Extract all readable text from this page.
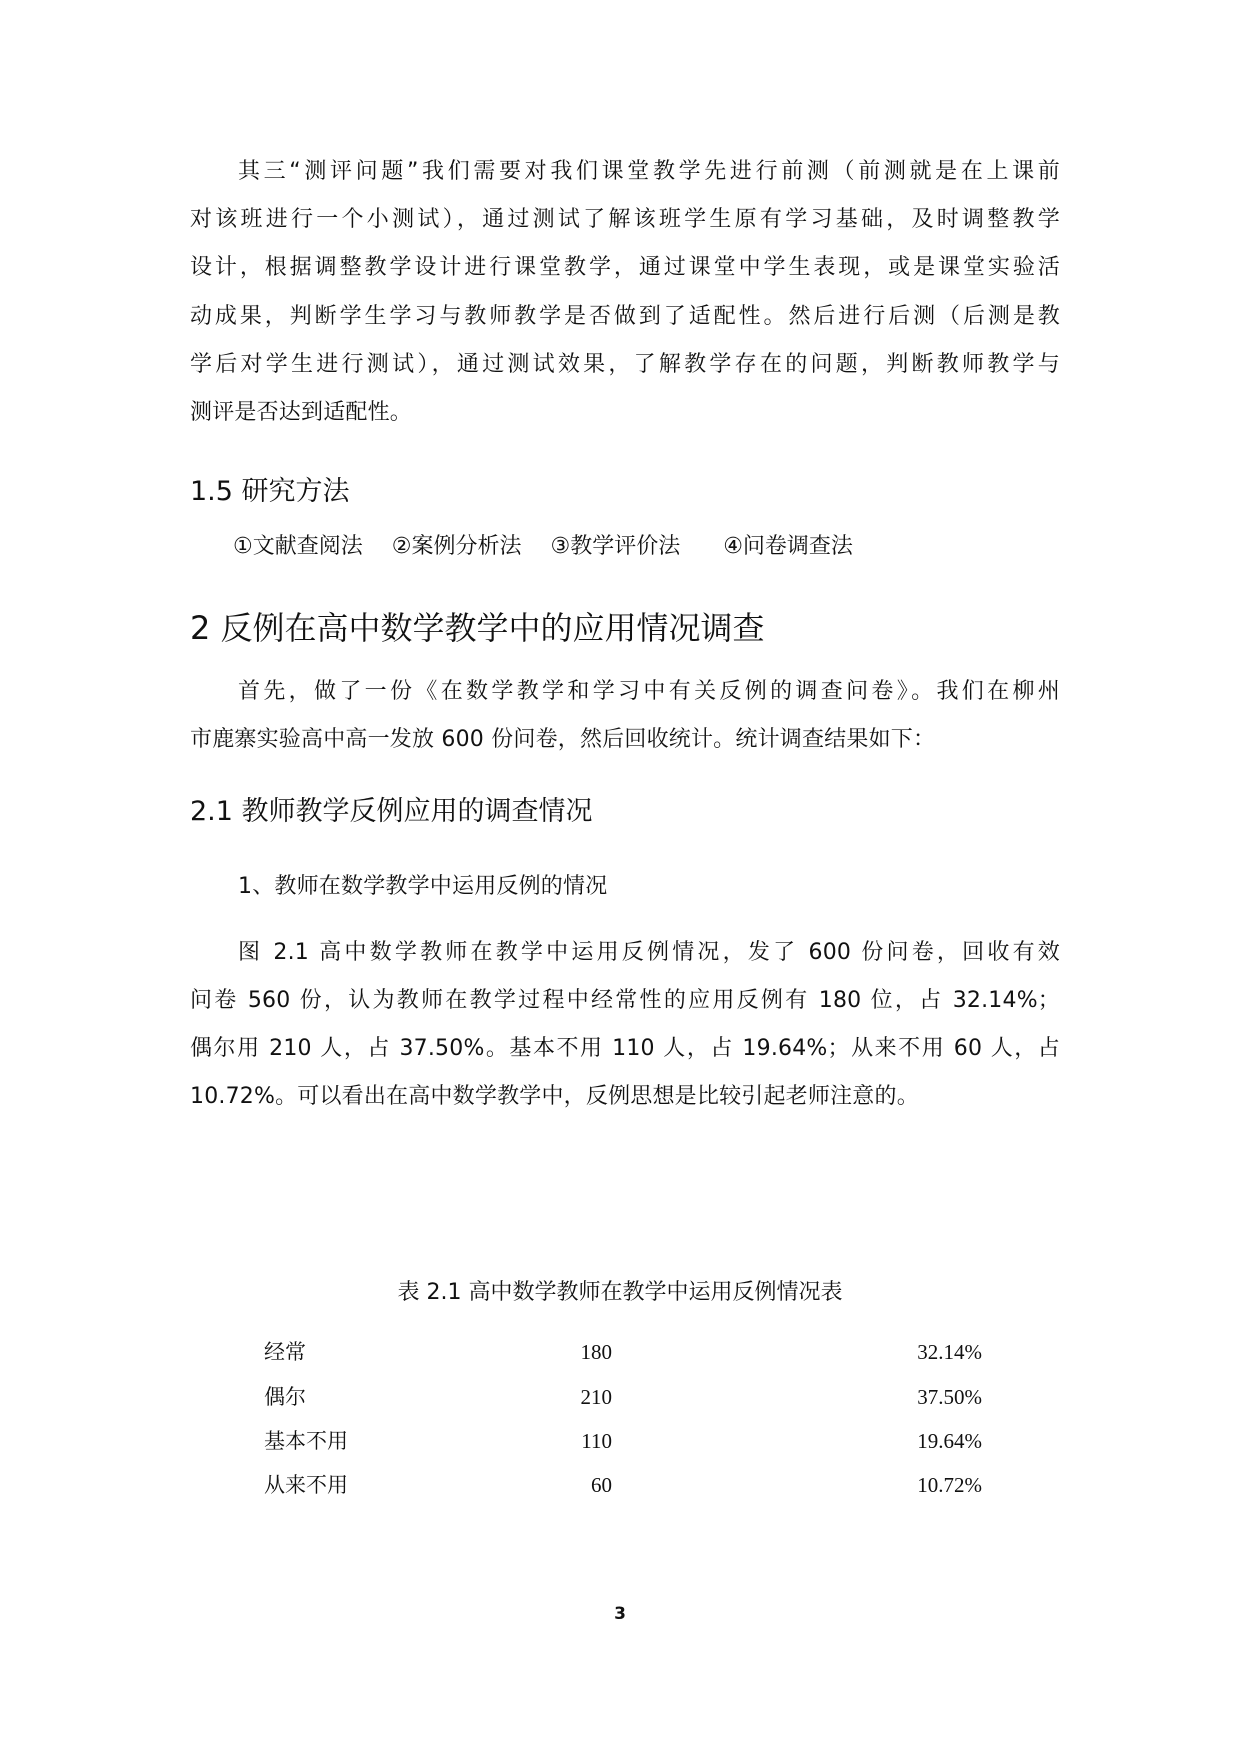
其三“测评问题”我们需要对我们课堂教学先进行前测（前测就是在上课前
对该班进行一个小测试），通过测试了解该班学生原有学习基础，及时调整教学
设计，根据调整教学设计进行课堂教学，通过课堂中学生表现，或是课堂实验活
动成果，判断学生学习与教师教学是否做到了适配性。然后进行后测（后测是教
学后对学生进行测试），通过测试效果，了解教学存在的问题，判断教师教学与
测评是否达到适配性。
1.5 研究方法
①文献查阅法 ②案例分析法 ③教学评价法 ④问卷调查法
2 反例在高中数学教学中的应用情况调查
首先，做了一份《在数学教学和学习中有关反例的调查问卷》。我们在柳州
市鹿寨实验高中高一发放 600 份问卷，然后回收统计。统计调查结果如下：
2.1 教师教学反例应用的调查情况
1、教师在数学教学中运用反例的情况
图 2.1 高中数学教师在教学中运用反例情况，发了 600 份问卷，回收有效
问卷 560 份，认为教师在教学过程中经常性的应用反例有 180 位，占 32.14%；
偶尔用 210 人，占 37.50%。基本不用 110 人，占 19.64%；从来不用 60 人，占
10.72%。可以看出在高中数学教学中，反例思想是比较引起老师注意的。
表 2.1 高中数学教师在教学中运用反例情况表
经常	180	32.14%
偶尔	210	37.50%
基本不用	110	19.64%
从来不用	60	10.72%
3
